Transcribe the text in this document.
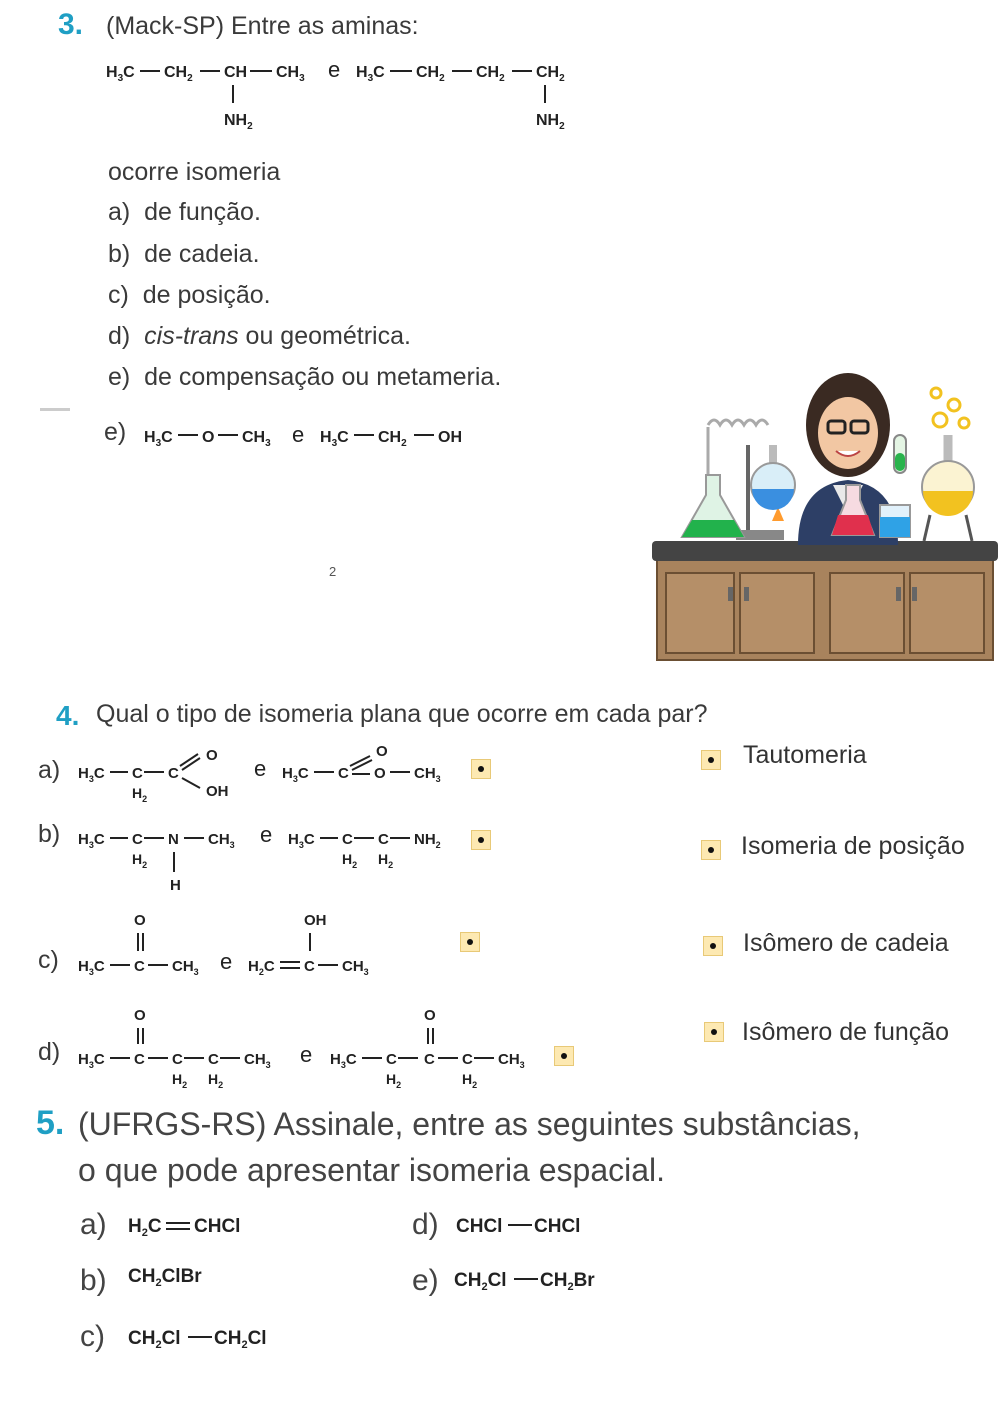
3. (Mack-SP) Entre as aminas:
$H_3C$ $CH_2$ CH $CH_3$
$NH_2$
e $H_3C$ $CH_2$ $CH_2$ $CH_2$
$NH_2$
ocorre isomeria
a) de função.
b) de cadeia.
c) de posição.
d) cis-trans ou geométrica.
e) de compensação ou metameria.
e) $H_3C$ O $CH_3$ e $H_3C$ $CH_2$ OH
2
4. Qual o tipo de isomeria plana que ocorre em cada par?
a) $H_3C$ C
$H_2$
C
O
OH
e $H_3C$ C
O
O $CH_3$
b) $H_3C$ C
$H_2$
N $CH_3$
H
e $H_3C$ C
$H_2$
C
$H_2$
$NH_2$
c)
O
$H_3C$ C $CH_3$ e $H_2C$ C
OH
$CH_3$
d)
O
$H_3C$ C C
$H_2$
C
$H_2$
$CH_3$ e $H_3C$ C
$H_2$
O
C C
$H_2$
$CH_3$
Tautomeria
Isomeria de posição
Isômero de cadeia
Isômero de função
5. (UFRGS-RS) Assinale, entre as seguintes substâncias,
o que pode apresentar isomeria espacial.
a) $H_2C$ CHCl
b) $CH_2ClBr$
c) $CH_2Cl$ $CH_2Cl$
d) CHCl CHCl
e) $CH_2Cl$ $CH_2Br$
